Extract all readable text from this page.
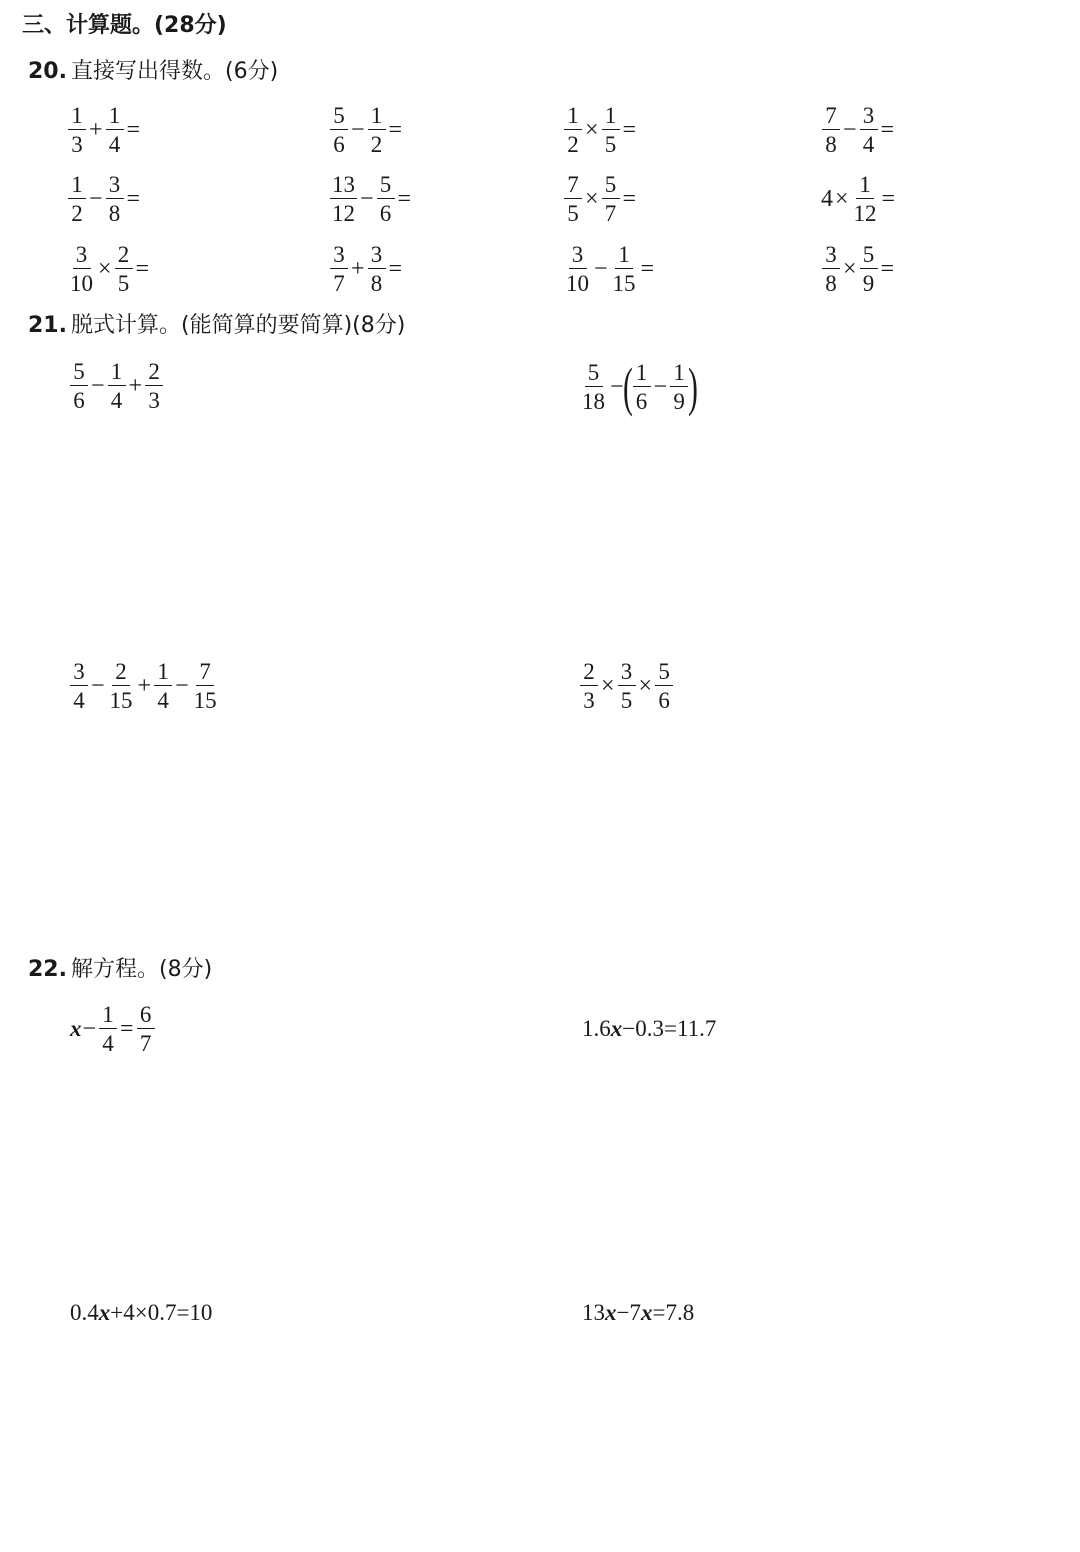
三、计算题。(28分)
20. 直接写出得数。(6分)
$\frac{1}{3} + \frac{1}{4}$ =	$\frac{5}{6} - \frac{1}{2}$ =	$\frac{1}{2} \times \frac{1}{5}$ =	$\frac{7}{8} - \frac{3}{4}$ =
$\frac{1}{2} - \frac{3}{8}$ =	$\frac{13}{12} - \frac{5}{6}$ =	$\frac{7}{5} \times \frac{5}{7}$ =	$4 \times \frac{1}{12}$ =
$\frac{3}{10} \times \frac{2}{5}$ =	$\frac{3}{7} + \frac{3}{8}$ =	$\frac{3}{10} - \frac{1}{15}$ =	$\frac{3}{8} \times \frac{5}{9}$ =
21. 脱式计算。(能简算的要简算)(8分)
$\frac{5}{6} - \frac{1}{4} + \frac{2}{3}$	$\frac{5}{18}$ − ( $\frac{1}{6} - \frac{1}{9}$ )
$\frac{3}{4} - \frac{2}{15} + \frac{1}{4} - \frac{7}{15}$	$\frac{2}{3} \times \frac{3}{5} \times \frac{5}{6}$
22. 解方程。(8分)
$x - \frac{1}{4} = \frac{6}{7}$	1.6 x −0.3=11.7
0.4 x +4×0.7=10	13 x −7 x =7.8
